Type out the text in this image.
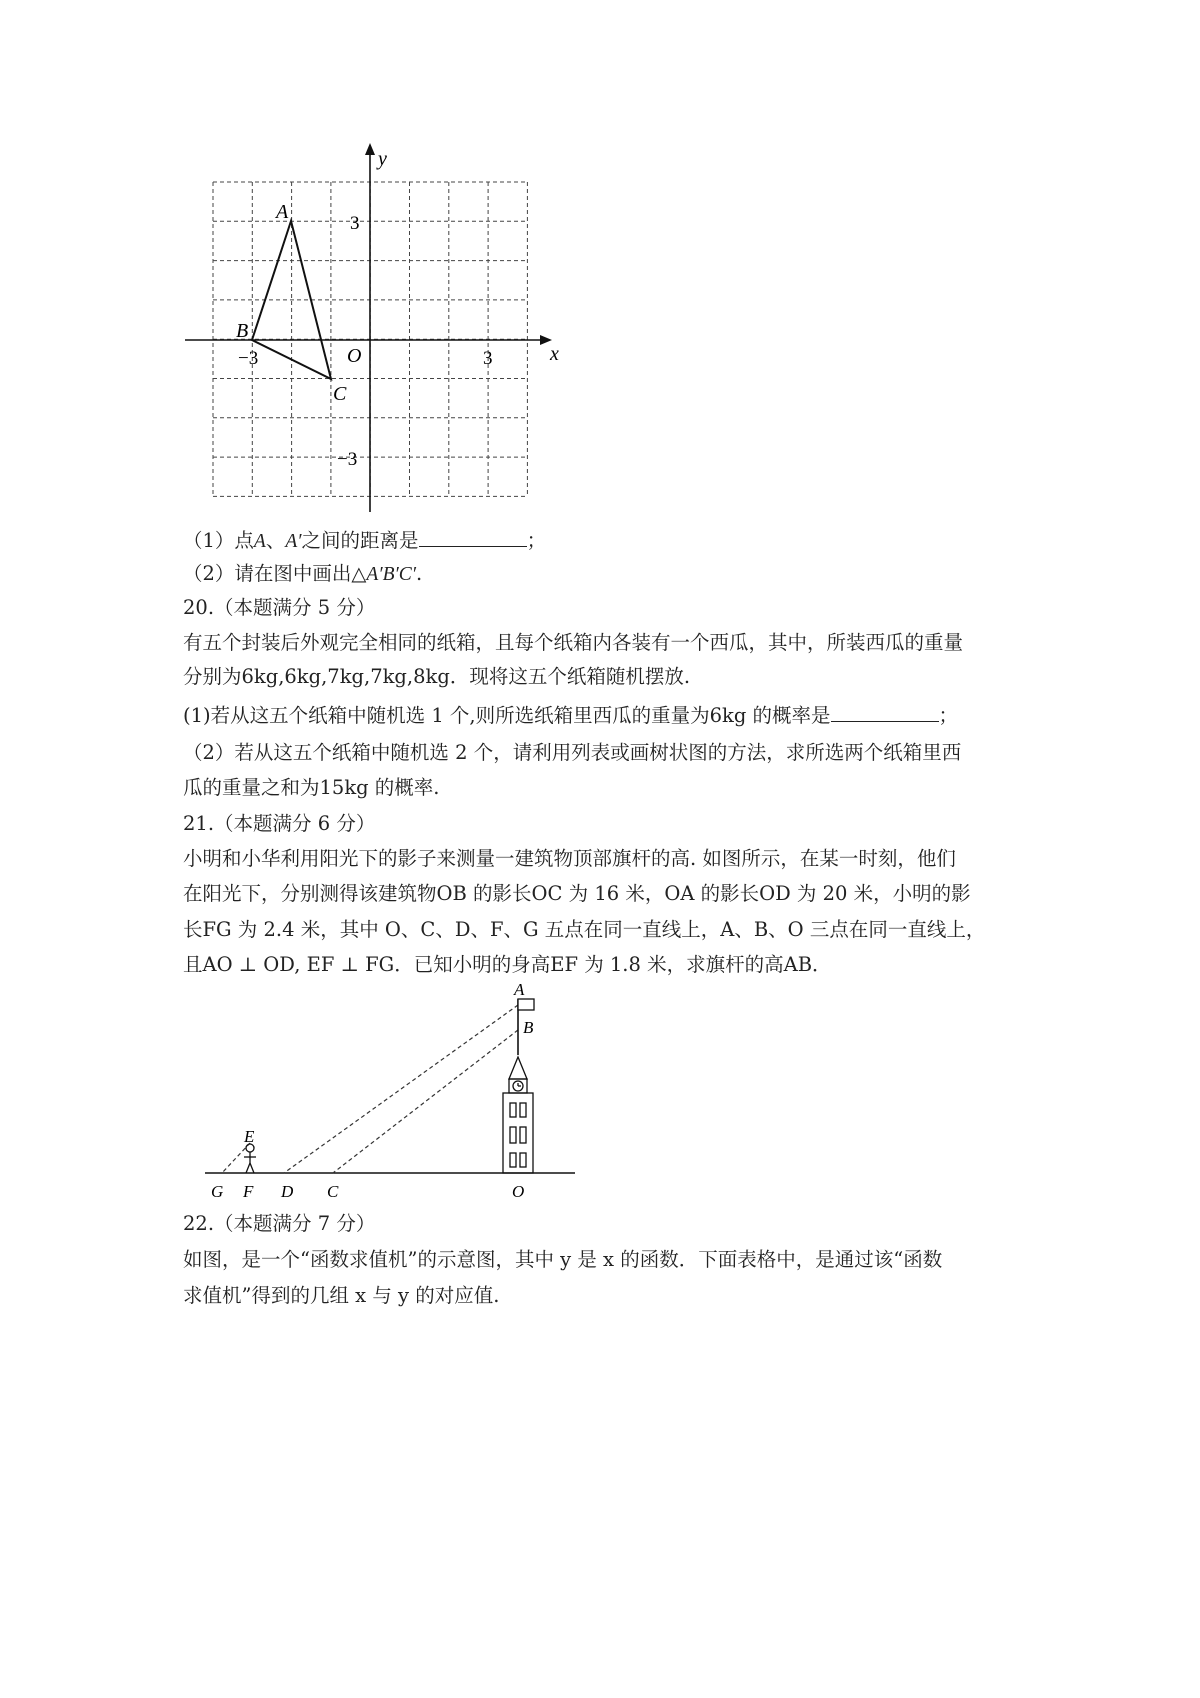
y
x
O
−3	3
3
−3
A
B
C
（1）点A、A′之间的距离是	；
（2）请在图中画出△A′B′C′.
20.（本题满分 5 分）
有五个封装后外观完全相同的纸箱，且每个纸箱内各装有一个西瓜，其中，所装西瓜的重量
分别为6kg,6kg,7kg,7kg,8kg．现将这五个纸箱随机摆放.
(1)若从这五个纸箱中随机选 1 个,则所选纸箱里西瓜的重量为6kg 的概率是	；
（2）若从这五个纸箱中随机选 2 个，请利用列表或画树状图的方法，求所选两个纸箱里西
瓜的重量之和为15kg 的概率.
21.（本题满分 6 分）
小明和小华利用阳光下的影子来测量一建筑物顶部旗杆的高. 如图所示，在某一时刻，他们
在阳光下，分别测得该建筑物OB 的影长OC 为 16 米，OA 的影长OD 为 20 米，小明的影
长FG 为 2.4 米，其中 O、C、D、F、G 五点在同一直线上，A、B、O 三点在同一直线上，
且AO ⊥ OD, EF ⊥ FG．已知小明的身高EF 为 1.8 米，求旗杆的高AB．
A
B
E
G F D C	O
22.（本题满分 7 分）
如图，是一个“函数求值机”的示意图，其中 y 是 x 的函数．下面表格中，是通过该“函数
求值机”得到的几组 x 与 y 的对应值.
